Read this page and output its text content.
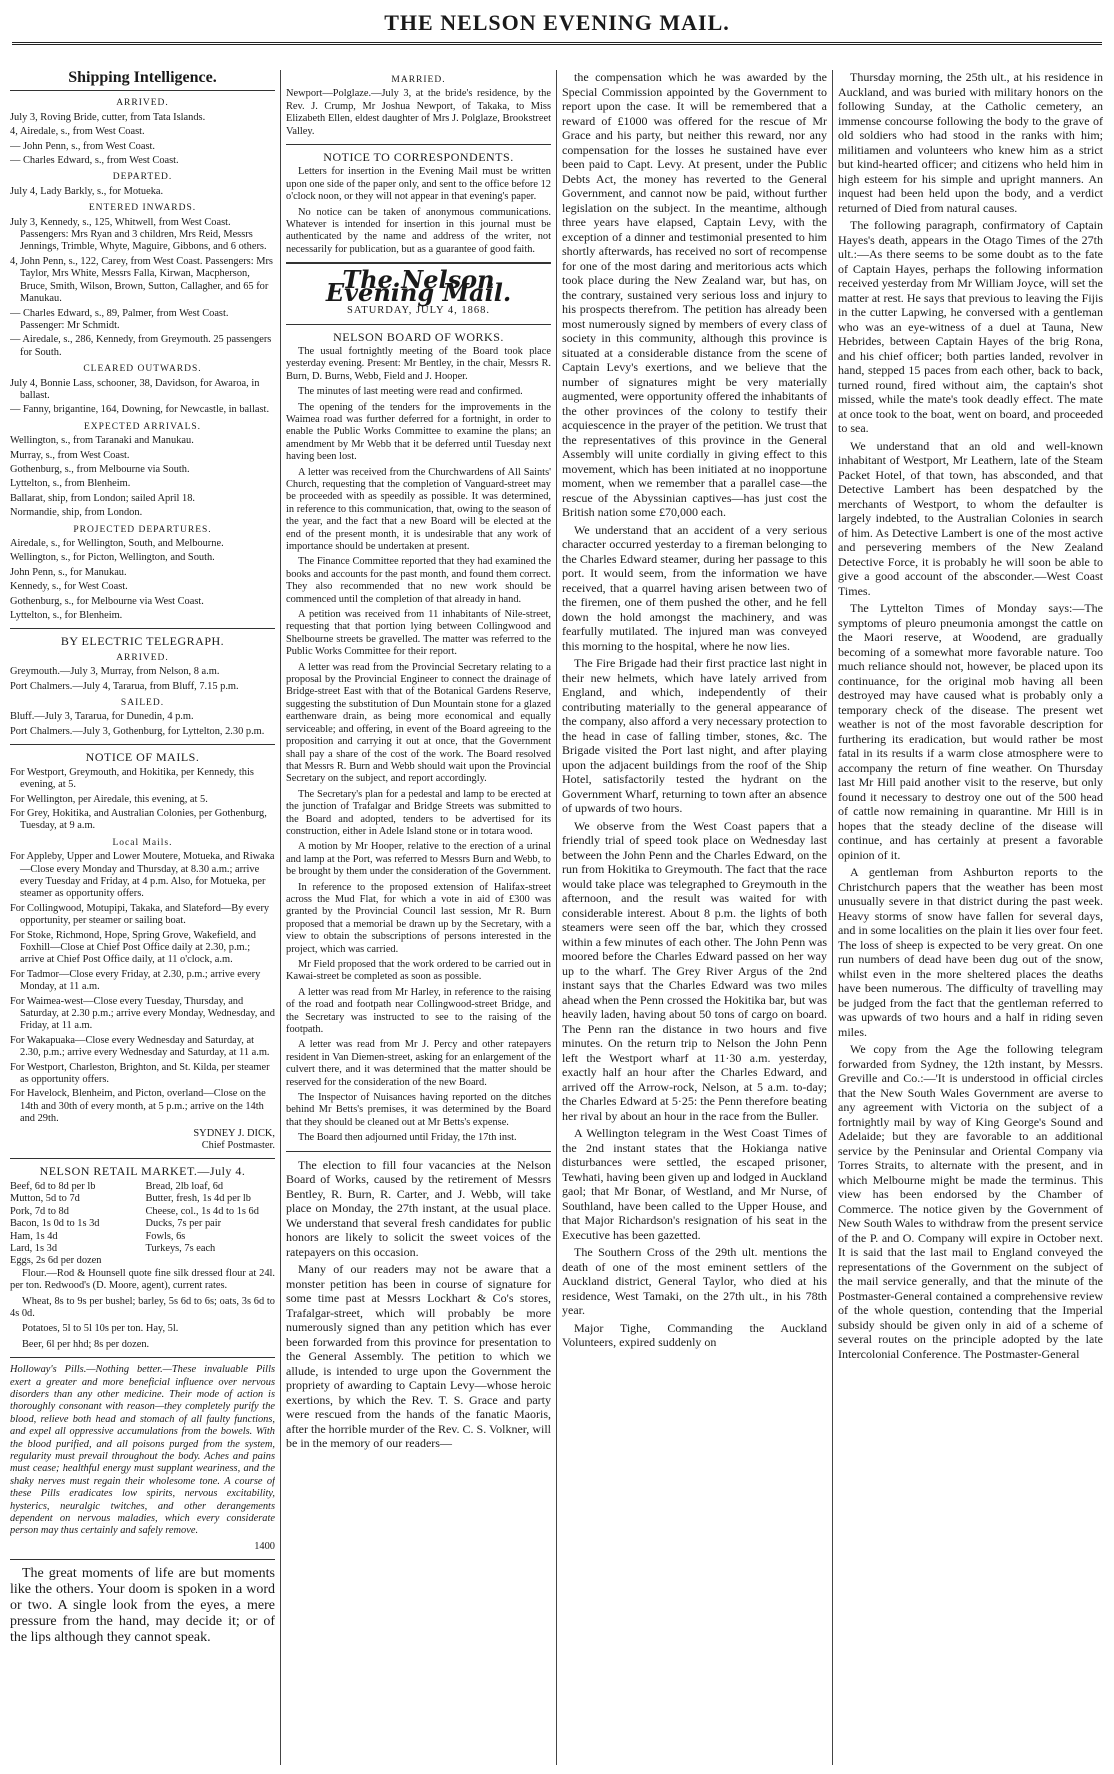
THE NELSON EVENING MAIL.
Shipping Intelligence.
ARRIVED.
July 3, Roving Bride, cutter, from Tata Islands.
4, Airedale, s., from West Coast.
— John Penn, s., from West Coast.
— Charles Edward, s., from West Coast.
DEPARTED.
July 4, Lady Barkly, s., for Motueka.
ENTERED INWARDS.
July 3, Kennedy, s., 125, Whitwell, from West Coast. Passengers: Mrs Ryan and 3 children, Mrs Reid, Messrs Jennings, Trimble, Whyte, Maguire, Gibbons, and 6 others.
4, John Penn, s., 122, Carey, from West Coast. Passengers: Mrs Taylor, Mrs White, Messrs Falla, Kirwan, Macpherson, Bruce, Smith, Wilson, Brown, Sutton, Callagher, and 65 for Manukau.
— Charles Edward, s., 89, Palmer, from West Coast. Passenger: Mr Schmidt.
— Airedale, s., 286, Kennedy, from Greymouth. 25 passengers for South.
CLEARED OUTWARDS.
July 4, Bonnie Lass, schooner, 38, Davidson, for Awaroa, in ballast.
— Fanny, brigantine, 164, Downing, for Newcastle, in ballast.
EXPECTED ARRIVALS.
Wellington, s., from Taranaki and Manukau.
Murray, s., from West Coast.
Gothenburg, s., from Melbourne via South.
Lyttelton, s., from Blenheim.
Ballarat, ship, from London; sailed April 18.
Normandie, ship, from London.
PROJECTED DEPARTURES.
Airedale, s., for Wellington, South, and Melbourne.
Wellington, s., for Picton, Wellington, and South.
John Penn, s., for Manukau.
Kennedy, s., for West Coast.
Gothenburg, s., for Melbourne via West Coast.
Lyttelton, s., for Blenheim.
BY ELECTRIC TELEGRAPH.
ARRIVED.
Greymouth.—July 3, Murray, from Nelson, 8 a.m.
Port Chalmers.—July 4, Tararua, from Bluff, 7.15 p.m.
SAILED.
Bluff.—July 3, Tararua, for Dunedin, 4 p.m.
Port Chalmers.—July 3, Gothenburg, for Lyttelton, 2.30 p.m.
NOTICE OF MAILS.
For Westport, Greymouth, and Hokitika, per Kennedy, this evening, at 5.
For Wellington, per Airedale, this evening, at 5.
For Grey, Hokitika, and Australian Colonies, per Gothenburg, Tuesday, at 9 a.m.
Local Mails.
For Appleby, Upper and Lower Moutere, Motueka, and Riwaka—Close every Monday and Thursday, at 8.30 a.m.; arrive every Tuesday and Friday, at 4 p.m. Also, for Motueka, per steamer as opportunity offers.
For Collingwood, Motupipi, Takaka, and Slateford—By every opportunity, per steamer or sailing boat.
For Stoke, Richmond, Hope, Spring Grove, Wakefield, and Foxhill—Close at Chief Post Office daily at 2.30, p.m.; arrive at Chief Post Office daily, at 11 o'clock, a.m.
For Tadmor—Close every Friday, at 2.30, p.m.; arrive every Monday, at 11 a.m.
For Waimea-west—Close every Tuesday, Thursday, and Saturday, at 2.30 p.m.; arrive every Monday, Wednesday, and Friday, at 11 a.m.
For Wakapuaka—Close every Wednesday and Saturday, at 2.30, p.m.; arrive every Wednesday and Saturday, at 11 a.m.
For Westport, Charleston, Brighton, and St. Kilda, per steamer as opportunity offers.
For Havelock, Blenheim, and Picton, overland—Close on the 14th and 30th of every month, at 5 p.m.; arrive on the 14th and 29th.
SYDNEY J. DICK,
Chief Postmaster.
NELSON RETAIL MARKET.—July 4.
Beef, 6d to 8d per lb
Mutton, 5d to 7d
Pork, 7d to 8d
Bacon, 1s 0d to 1s 3d
Ham, 1s 4d
Lard, 1s 3d
Eggs, 2s 6d per dozen
Bread, 2lb loaf, 6d
Butter, fresh, 1s 4d per lb
Cheese, col., 1s 4d to 1s 6d
Ducks, 7s per pair
Fowls, 6s
Turkeys, 7s each

Flour.—Rod & Hounsell quote fine silk dressed flour at 24l. per ton. Redwood's (D. Moore, agent), current rates.

Wheat, 8s to 9s per bushel; barley, 5s 6d to 6s; oats, 3s 6d to 4s 0d.

Potatoes, 5l to 5l 10s per ton. Hay, 5l.

Beer, 6l per hhd; 8s per dozen.

Holloway's Pills.—Nothing better.—These invaluable Pills exert a greater and more beneficial influence over nervous disorders than any other medicine. Their mode of action is thoroughly consonant with reason—they completely purify the blood, relieve both head and stomach of all faulty functions, and expel all oppressive accumulations from the bowels. With the blood purified, and all poisons purged from the system, regularity must prevail throughout the body. Aches and pains must cease; healthful energy must supplant weariness, and the shaky nerves must regain their wholesome tone. A course of these Pills eradicates low spirits, nervous excitability, hysterics, neuralgic twitches, and other derangements dependent on nervous maladies, which every considerate person may thus certainly and safely remove.

1400

The great moments of life are but moments like the others. Your doom is spoken in a word or two. A single look from the eyes, a mere pressure from the hand, may decide it; or of the lips although they cannot speak.

MARRIED.

Newport—Polglaze.—July 3, at the bride's residence, by the Rev. J. Crump, Mr Joshua Newport, of Takaka, to Miss Elizabeth Ellen, eldest daughter of Mrs J. Polglaze, Brookstreet Valley.

NOTICE TO CORRESPONDENTS.

Letters for insertion in the Evening Mail must be written upon one side of the paper only, and sent to the office before 12 o'clock noon, or they will not appear in that evening's paper.

No notice can be taken of anonymous communications. Whatever is intended for insertion in this journal must be authenticated by the name and address of the writer, not necessarily for publication, but as a guarantee of good faith.

The Nelson Evening Mail.
SATURDAY, JULY 4, 1868.
NELSON BOARD OF WORKS.

The usual fortnightly meeting of the Board took place yesterday evening. Present: Mr Bentley, in the chair, Messrs R. Burn, D. Burns, Webb, Field and J. Hooper.

The minutes of last meeting were read and confirmed.

The opening of the tenders for the improvements in the Waimea road was further deferred for a fortnight, in order to enable the Public Works Committee to examine the plans; an amendment by Mr Webb that it be deferred until Tuesday next having been lost.

A letter was received from the Churchwardens of All Saints' Church, requesting that the completion of Vanguard-street may be proceeded with as speedily as possible. It was determined, in reference to this communication, that, owing to the season of the year, and the fact that a new Board will be elected at the end of the present month, it is undesirable that any work of importance should be undertaken at present.

The Finance Committee reported that they had examined the books and accounts for the past month, and found them correct. They also recommended that no new work should be commenced until the completion of that already in hand.

A petition was received from 11 inhabitants of Nile-street, requesting that that portion lying between Collingwood and Shelbourne streets be gravelled. The matter was referred to the Public Works Committee for their report.

A letter was read from the Provincial Secretary relating to a proposal by the Provincial Engineer to connect the drainage of Bridge-street East with that of the Botanical Gardens Reserve, suggesting the substitution of Dun Mountain stone for a glazed earthenware drain, as being more economical and equally serviceable; and offering, in event of the Board agreeing to the proposition and carrying it out at once, that the Government shall pay a share of the cost of the work. The Board resolved that Messrs R. Burn and Webb should wait upon the Provincial Secretary on the subject, and report accordingly.

The Secretary's plan for a pedestal and lamp to be erected at the junction of Trafalgar and Bridge Streets was submitted to the Board and adopted, tenders to be advertised for its construction, either in Adele Island stone or in totara wood.

A motion by Mr Hooper, relative to the erection of a urinal and lamp at the Port, was referred to Messrs Burn and Webb, to be brought by them under the consideration of the Government.

In reference to the proposed extension of Halifax-street across the Mud Flat, for which a vote in aid of £300 was granted by the Provincial Council last session, Mr R. Burn proposed that a memorial be drawn up by the Secretary, with a view to obtain the subscriptions of persons interested in the project, which was carried.

Mr Field proposed that the work ordered to be carried out in Kawai-street be completed as soon as possible.

A letter was read from Mr Harley, in reference to the raising of the road and footpath near Collingwood-street Bridge, and the Secretary was instructed to see to the raising of the footpath.

A letter was read from Mr J. Percy and other ratepayers resident in Van Diemen-street, asking for an enlargement of the culvert there, and it was determined that the matter should be reserved for the consideration of the new Board.

The Inspector of Nuisances having reported on the ditches behind Mr Betts's premises, it was determined by the Board that they should be cleaned out at Mr Betts's expense.

The Board then adjourned until Friday, the 17th inst.

The election to fill four vacancies at the Nelson Board of Works, caused by the retirement of Messrs Bentley, R. Burn, R. Carter, and J. Webb, will take place on Monday, the 27th instant, at the usual place. We understand that several fresh candidates for public honors are likely to solicit the sweet voices of the ratepayers on this occasion.

Many of our readers may not be aware that a monster petition has been in course of signature for some time past at Messrs Lockhart & Co's stores, Trafalgar-street, which will probably be more numerously signed than any petition which has ever been forwarded from this province for presentation to the General Assembly. The petition to which we allude, is intended to urge upon the Government the propriety of awarding to Captain Levy—whose heroic exertions, by which the Rev. T. S. Grace and party were rescued from the hands of the fanatic Maoris, after the horrible murder of the Rev. C. S. Volkner, will be in the memory of our readers—

the compensation which he was awarded by the Special Commission appointed by the Government to report upon the case. It will be remembered that a reward of £1000 was offered for the rescue of Mr Grace and his party, but neither this reward, nor any compensation for the losses he sustained have ever been paid to Capt. Levy. At present, under the Public Debts Act, the money has reverted to the General Government, and cannot now be paid, without further legislation on the subject. In the meantime, although three years have elapsed, Captain Levy, with the exception of a dinner and testimonial presented to him shortly afterwards, has received no sort of recompense for one of the most daring and meritorious acts which took place during the New Zealand war, but has, on the contrary, sustained very serious loss and injury to his prospects therefrom. The petition has already been most numerously signed by members of every class of society in this community, although this province is situated at a considerable distance from the scene of Captain Levy's exertions, and we believe that the number of signatures might be very materially augmented, were opportunity offered the inhabitants of the other provinces of the colony to testify their acquiescence in the prayer of the petition. We trust that the representatives of this province in the General Assembly will unite cordially in giving effect to this movement, which has been initiated at no inopportune moment, when we remember that a parallel case—the rescue of the Abyssinian captives—has just cost the British nation some £70,000 each.

We understand that an accident of a very serious character occurred yesterday to a fireman belonging to the Charles Edward steamer, during her passage to this port. It would seem, from the information we have received, that a quarrel having arisen between two of the firemen, one of them pushed the other, and he fell down the hold amongst the machinery, and was fearfully mutilated. The injured man was conveyed this morning to the hospital, where he now lies.

The Fire Brigade had their first practice last night in their new helmets, which have lately arrived from England, and which, independently of their contributing materially to the general appearance of the company, also afford a very necessary protection to the head in case of falling timber, stones, &c. The Brigade visited the Port last night, and after playing upon the adjacent buildings from the roof of the Ship Hotel, satisfactorily tested the hydrant on the Government Wharf, returning to town after an absence of upwards of two hours.

We observe from the West Coast papers that a friendly trial of speed took place on Wednesday last between the John Penn and the Charles Edward, on the run from Hokitika to Greymouth. The fact that the race would take place was telegraphed to Greymouth in the afternoon, and the result was waited for with considerable interest. About 8 p.m. the lights of both steamers were seen off the bar, which they crossed within a few minutes of each other. The John Penn was moored before the Charles Edward passed on her way up to the wharf. The Grey River Argus of the 2nd instant says that the Charles Edward was two miles ahead when the Penn crossed the Hokitika bar, but was heavily laden, having about 50 tons of cargo on board. The Penn ran the distance in two hours and five minutes. On the return trip to Nelson the John Penn left the Westport wharf at 11·30 a.m. yesterday, exactly half an hour after the Charles Edward, and arrived off the Arrow-rock, Nelson, at 5 a.m. to-day; the Charles Edward at 5·25: the Penn therefore beating her rival by about an hour in the race from the Buller.

A Wellington telegram in the West Coast Times of the 2nd instant states that the Hokianga native disturbances were settled, the escaped prisoner, Tewhati, having been given up and lodged in Auckland gaol; that Mr Bonar, of Westland, and Mr Nurse, of Southland, have been called to the Upper House, and that Major Richardson's resignation of his seat in the Executive has been gazetted.

The Southern Cross of the 29th ult. mentions the death of one of the most eminent settlers of the Auckland district, General Taylor, who died at his residence, West Tamaki, on the 27th ult., in his 78th year.

Major Tighe, Commanding the Auckland Volunteers, expired suddenly on

Thursday morning, the 25th ult., at his residence in Auckland, and was buried with military honors on the following Sunday, at the Catholic cemetery, an immense concourse following the body to the grave of old soldiers who had stood in the ranks with him; militiamen and volunteers who knew him as a strict but kind-hearted officer; and citizens who held him in high esteem for his simple and upright manners. An inquest had been held upon the body, and a verdict returned of Died from natural causes.

The following paragraph, confirmatory of Captain Hayes's death, appears in the Otago Times of the 27th ult.:—As there seems to be some doubt as to the fate of Captain Hayes, perhaps the following information received yesterday from Mr William Joyce, will set the matter at rest. He says that previous to leaving the Fijis in the cutter Lapwing, he conversed with a gentleman who was an eye-witness of a duel at Tauna, New Hebrides, between Captain Hayes of the brig Rona, and his chief officer; both parties landed, revolver in hand, stepped 15 paces from each other, back to back, turned round, fired without aim, the captain's shot missed, while the mate's took deadly effect. The mate at once took to the boat, went on board, and proceeded to sea.

We understand that an old and well-known inhabitant of Westport, Mr Leathern, late of the Steam Packet Hotel, of that town, has absconded, and that Detective Lambert has been despatched by the merchants of Westport, to whom the defaulter is largely indebted, to the Australian Colonies in search of him. As Detective Lambert is one of the most active and persevering members of the New Zealand Detective Force, it is probably he will soon be able to give a good account of the absconder.—West Coast Times.

The Lyttelton Times of Monday says:—The symptoms of pleuro pneumonia amongst the cattle on the Maori reserve, at Woodend, are gradually becoming of a somewhat more favorable nature. Too much reliance should not, however, be placed upon its continuance, for the original mob having all been destroyed may have caused what is probably only a temporary check of the disease. The present wet weather is not of the most favorable description for furthering its eradication, but would rather be most fatal in its results if a warm close atmosphere were to accompany the return of fine weather. On Thursday last Mr Hill paid another visit to the reserve, but only found it necessary to destroy one out of the 500 head of cattle now remaining in quarantine. Mr Hill is in hopes that the steady decline of the disease will continue, and has certainly at present a favorable opinion of it.

A gentleman from Ashburton reports to the Christchurch papers that the weather has been most unusually severe in that district during the past week. Heavy storms of snow have fallen for several days, and in some localities on the plain it lies over four feet. The loss of sheep is expected to be very great. On one run numbers of dead have been dug out of the snow, whilst even in the more sheltered places the deaths have been numerous. The difficulty of travelling may be judged from the fact that the gentleman referred to was upwards of two hours and a half in riding seven miles.

We copy from the Age the following telegram forwarded from Sydney, the 12th instant, by Messrs. Greville and Co.:—'It is understood in official circles that the New South Wales Government are averse to any agreement with Victoria on the subject of a fortnightly mail by way of King George's Sound and Adelaide; but they are favorable to an additional service by the Peninsular and Oriental Company via Torres Straits, to alternate with the present, and in which Melbourne might be made the terminus. This view has been endorsed by the Chamber of Commerce. The notice given by the Government of New South Wales to withdraw from the present service of the P. and O. Company will expire in October next. It is said that the last mail to England conveyed the representations of the Government on the subject of the mail service generally, and that the minute of the Postmaster-General contained a comprehensive review of the whole question, contending that the Imperial subsidy should be given only in aid of a scheme of several routes on the principle adopted by the late Intercolonial Conference. The Postmaster-General
